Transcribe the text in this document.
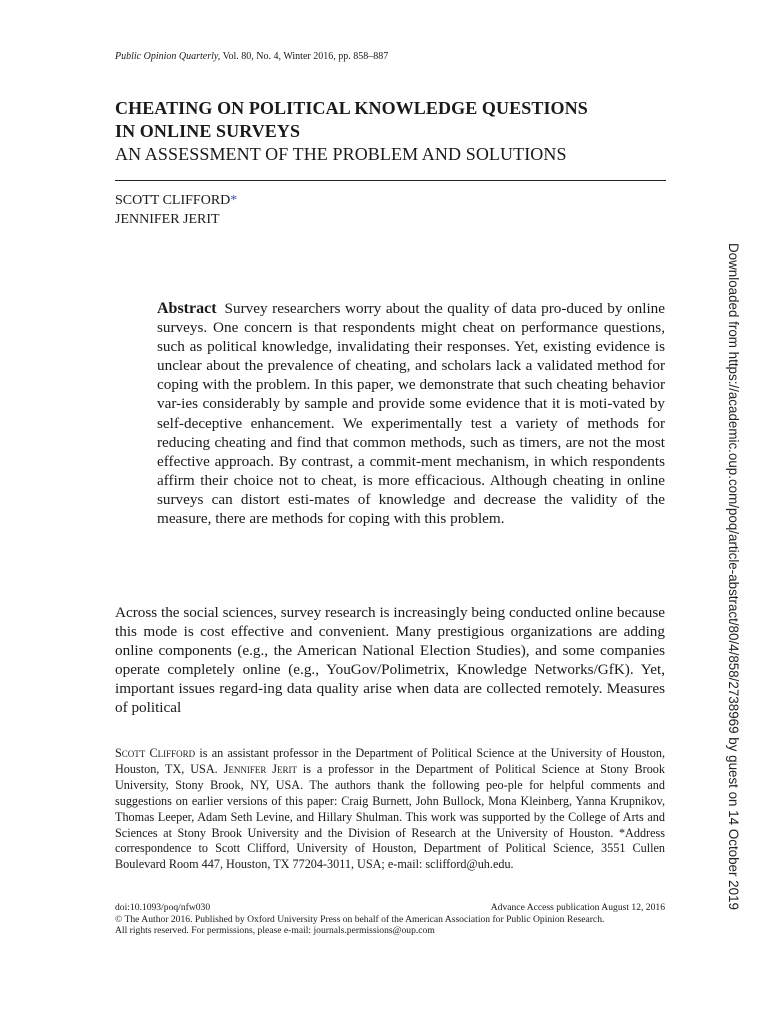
Public Opinion Quarterly, Vol. 80, No. 4, Winter 2016, pp. 858–887

CHEATING ON POLITICAL KNOWLEDGE QUESTIONS

IN ONLINE SURVEYS

AN ASSESSMENT OF THE PROBLEM AND SOLUTIONS

SCOTT CLIFFORD*
JENNIFER JERIT
Abstract Survey researchers worry about the quality of data pro-duced by online surveys. One concern is that respondents might cheat on performance questions, such as political knowledge, invalidating their responses. Yet, existing evidence is unclear about the prevalence of cheating, and scholars lack a validated method for coping with the problem. In this paper, we demonstrate that such cheating behavior var-ies considerably by sample and provide some evidence that it is moti-vated by self-deceptive enhancement. We experimentally test a variety of methods for reducing cheating and find that common methods, such as timers, are not the most effective approach. By contrast, a commit-ment mechanism, in which respondents affirm their choice not to cheat, is more efficacious. Although cheating in online surveys can distort esti-mates of knowledge and decrease the validity of the measure, there are methods for coping with this problem.
Across the social sciences, survey research is increasingly being conducted online because this mode is cost effective and convenient. Many prestigious organizations are adding online components (e.g., the American National Election Studies), and some companies operate completely online (e.g., YouGov/Polimetrix, Knowledge Networks/GfK). Yet, important issues regard-ing data quality arise when data are collected remotely. Measures of political
Scott Clifford is an assistant professor in the Department of Political Science at the University of Houston, Houston, TX, USA. Jennifer Jerit is a professor in the Department of Political Science at Stony Brook University, Stony Brook, NY, USA. The authors thank the following peo-ple for helpful comments and suggestions on earlier versions of this paper: Craig Burnett, John Bullock, Mona Kleinberg, Yanna Krupnikov, Thomas Leeper, Adam Seth Levine, and Hillary Shulman. This work was supported by the College of Arts and Sciences at Stony Brook University and the Division of Research at the University of Houston. *Address correspondence to Scott Clifford, University of Houston, Department of Political Science, 3551 Cullen Boulevard Room 447, Houston, TX 77204-3011, USA; e-mail: sclifford@uh.edu.
doi:10.1093/poq/nfw030	Advance Access publication August 12, 2016
© The Author 2016. Published by Oxford University Press on behalf of the American Association for Public Opinion Research.
All rights reserved. For permissions, please e-mail: journals.permissions@oup.com
Downloaded from https://academic.oup.com/poq/article-abstract/80/4/858/2738969 by guest on 14 October 2019
